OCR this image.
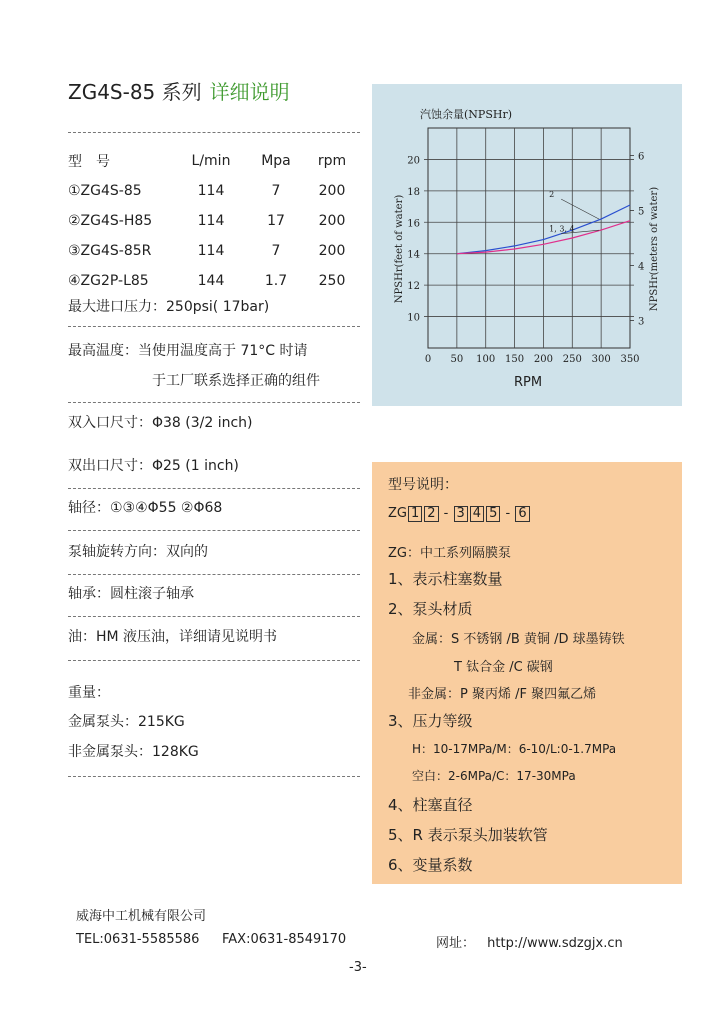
ZG4S-85 系列 详细说明
型　号	L/min	Mpa	rpm
①ZG4S-85	114	7	200
②ZG4S-H85	114	17	200
③ZG4S-85R	114	7	200
④ZG2P-L85	144	1.7	250
最大进口压力：250psi( 17bar)
最高温度：当使用温度高于 71°C 时请
于工厂联系选择正确的组件
双入口尺寸：Φ38 (3/2 inch)
双出口尺寸：Φ25 (1 inch)
轴径：①③④Φ55 ②Φ68
泵轴旋转方向：双向的
轴承：圆柱滚子轴承
油：HM 液压油，详细请见说明书
重量：
金属泵头：215KG
非金属泵头：128KG
汽蚀余量(NPSHr)
0 50 100 150 200 250 300 350
10
12
14
16
18
20
3
4
5
6
2
1, 3, 4
RPM
NPSHr(feet of water)	NPSHr(meters of water)
型号说明：
ZG 1 2 - 3 4 5 - 6
ZG：中工系列隔膜泵
1、表示柱塞数量
2、泵头材质
金属：S 不锈钢 /B 黄铜 /D 球墨铸铁
T 钛合金 /C 碳钢
非金属：P 聚丙烯 /F 聚四氟乙烯
3、压力等级
H：10-17MPa/M：6-10/L:0-1.7MPa
空白：2-6MPa/C：17-30MPa
4、柱塞直径
5、R 表示泵头加装软管
6、变量系数
威海中工机械有限公司
TEL:0631-5585586 FAX:0631-8549170	网址： http://www.sdzgjx.cn
-3-
